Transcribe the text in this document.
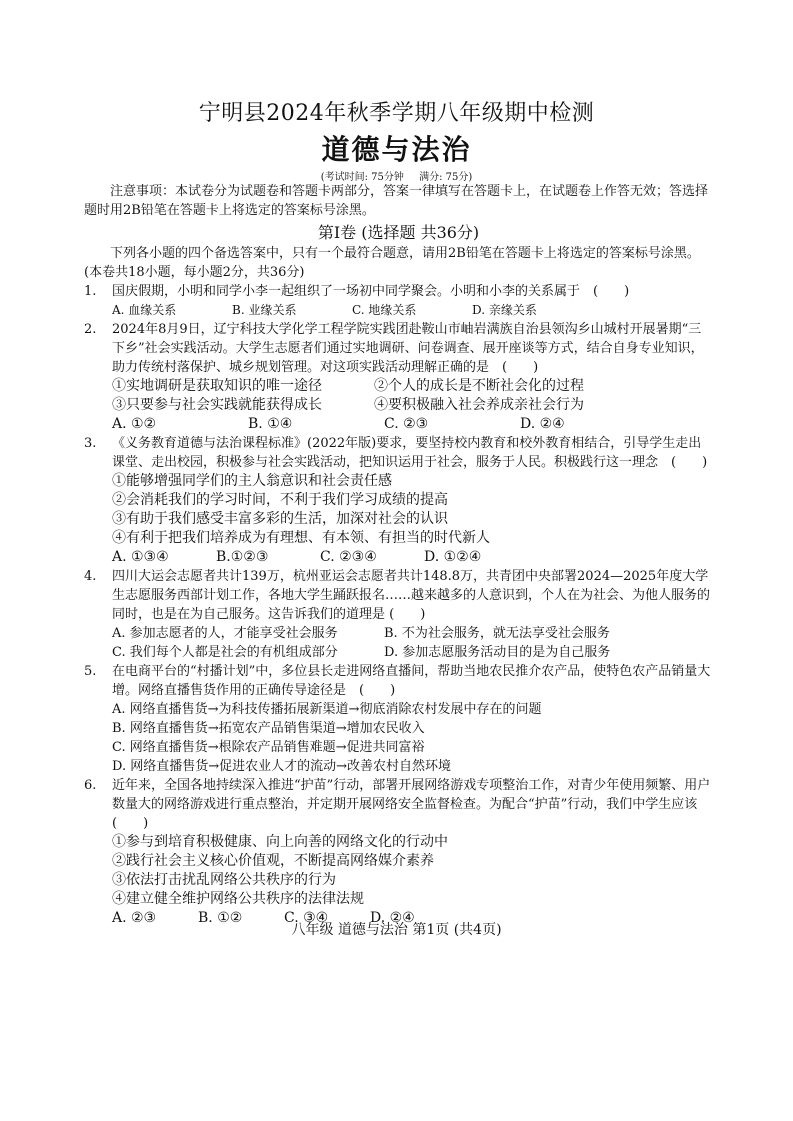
宁明县2024年秋季学期八年级期中检测
道德与法治
(考试时间: 75分钟 满分: 75分)

注意事项：本试卷分为试题卷和答题卡两部分，答案一律填写在答题卡上，在试题卷上作答无效；答选择题时用2B铅笔在答题卡上将选定的答案标号涂黑。

第Ⅰ卷 (选择题 共36分)

下列各小题的四个备选答案中，只有一个最符合题意，请用2B铅笔在答题卡上将选定的答案标号涂黑。 (本卷共18小题，每小题2分，共36分)

1.	国庆假期，小明和同学小李一起组织了一场初中同学聚会。小明和小李的关系属于　(　　)
A. 血缘关系	B. 业缘关系	C. 地缘关系	D. 亲缘关系
2.	2024年8月9日，辽宁科技大学化学工程学院实践团赴鞍山市岫岩满族自治县领沟乡山城村开展暑期“三下乡”社会实践活动。大学生志愿者们通过实地调研、问卷调查、展开座谈等方式，结合自身专业知识，助力传统村落保护、城乡规划管理。对这项实践活动理解正确的是　(　　)
①实地调研是获取知识的唯一途径	②个人的成长是不断社会化的过程
③只要参与社会实践就能获得成长	④要积极融入社会养成亲社会行为
A. ①②	B. ①④	C. ②③	D. ②④
3.	《义务教育道德与法治课程标准》(2022年版)要求，要坚持校内教育和校外教育相结合，引导学生走出课堂、走出校园，积极参与社会实践活动，把知识运用于社会，服务于人民。积极践行这一理念　(　　)
①能够增强同学们的主人翁意识和社会责任感
②会消耗我们的学习时间，不利于我们学习成绩的提高
③有助于我们感受丰富多彩的生活，加深对社会的认识
④有利于把我们培养成为有理想、有本领、有担当的时代新人
A. ①③④	B.①②③	C. ②③④	D. ①②④
4.	四川大运会志愿者共计139万，杭州亚运会志愿者共计148.8万，共青团中央部署2024—2025年度大学生志愿服务西部计划工作，各地大学生踊跃报名……越来越多的人意识到，个人在为社会、为他人服务的同时，也是在为自己服务。这告诉我们的道理是 (　　)
A. 参加志愿者的人，才能享受社会服务	B. 不为社会服务，就无法享受社会服务
C. 我们每个人都是社会的有机组成部分	D. 参加志愿服务活动目的是为自己服务
5.	在电商平台的“村播计划”中，多位县长走进网络直播间，帮助当地农民推介农产品，使特色农产品销量大增。网络直播售货作用的正确传导途径是　(　　)
A. 网络直播售货→为科技传播拓展新渠道→彻底消除农村发展中存在的问题
B. 网络直播售货→拓宽农产品销售渠道→增加农民收入
C. 网络直播售货→根除农产品销售难题→促进共同富裕
D. 网络直播售货→促进农业人才的流动→改善农村自然环境
6.	近年来，全国各地持续深入推进“护苗”行动，部署开展网络游戏专项整治工作，对青少年使用频繁、用户数量大的网络游戏进行重点整治，并定期开展网络安全监督检查。为配合“护苗”行动，我们中学生应该 (　　)
①参与到培育积极健康、向上向善的网络文化的行动中
②践行社会主义核心价值观，不断提高网络媒介素养
③依法打击扰乱网络公共秩序的行为
④建立健全维护网络公共秩序的法律法规
A. ②③	B. ①②	C. ③④	D. ②④
八年级 道德与法治 第1页 (共4页)
